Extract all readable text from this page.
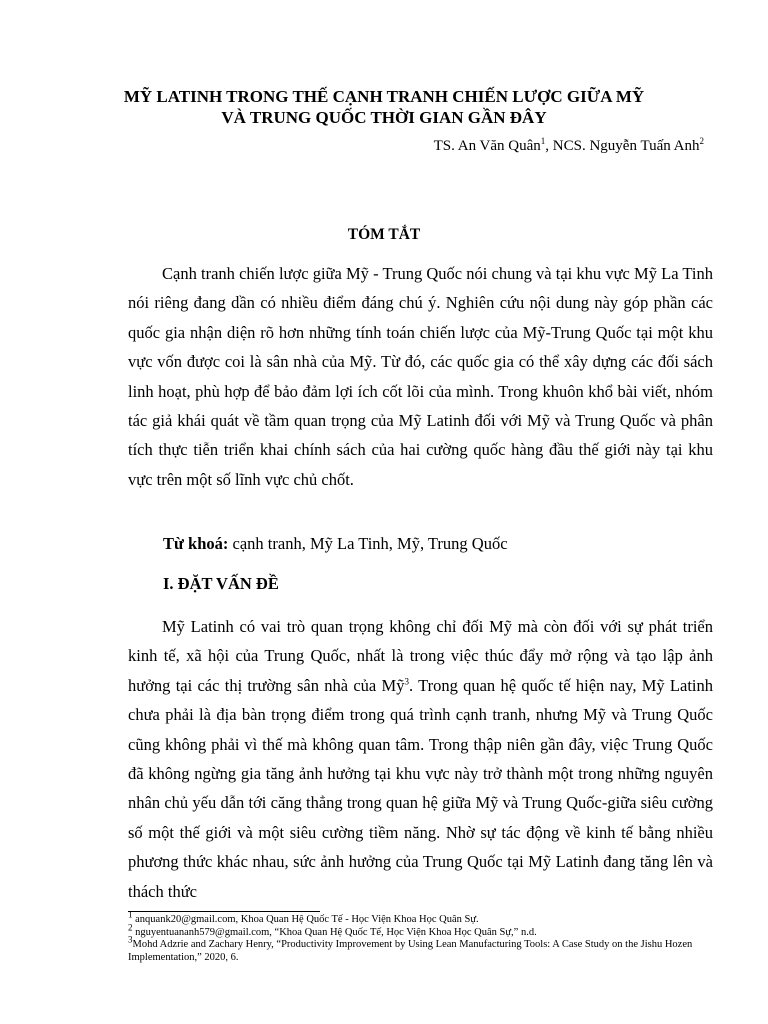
MỸ LATINH TRONG THẾ CẠNH TRANH CHIẾN LƯỢC GIỮA MỸ
VÀ TRUNG QUỐC THỜI GIAN GẦN ĐÂY
TS. An Văn Quân$^1$, NCS. Nguyễn Tuấn Anh$^2$
TÓM TẮT
Cạnh tranh chiến lược giữa Mỹ - Trung Quốc nói chung và tại khu vực Mỹ La Tinh nói riêng đang dần có nhiều điểm đáng chú ý. Nghiên cứu nội dung này góp phần các quốc gia nhận diện rõ hơn những tính toán chiến lược của Mỹ-Trung Quốc tại một khu vực vốn được coi là sân nhà của Mỹ. Từ đó, các quốc gia có thể xây dựng các đối sách linh hoạt, phù hợp để bảo đảm lợi ích cốt lõi của mình. Trong khuôn khổ bài viết, nhóm tác giả khái quát về tầm quan trọng của Mỹ Latinh đối với Mỹ và Trung Quốc và phân tích thực tiễn triển khai chính sách của hai cường quốc hàng đầu thế giới này tại khu vực trên một số lĩnh vực chủ chốt.
Từ khoá: cạnh tranh, Mỹ La Tinh, Mỹ, Trung Quốc
I. ĐẶT VẤN ĐỀ
Mỹ Latinh có vai trò quan trọng không chỉ đối Mỹ mà còn đối với sự phát triển kinh tế, xã hội của Trung Quốc, nhất là trong việc thúc đẩy mở rộng và tạo lập ảnh hưởng tại các thị trường sân nhà của Mỹ$^3$. Trong quan hệ quốc tế hiện nay, Mỹ Latinh chưa phải là địa bàn trọng điểm trong quá trình cạnh tranh, nhưng Mỹ và Trung Quốc cũng không phải vì thế mà không quan tâm. Trong thập niên gần đây, việc Trung Quốc đã không ngừng gia tăng ảnh hưởng tại khu vực này trở thành một trong những nguyên nhân chủ yếu dẫn tới căng thẳng trong quan hệ giữa Mỹ và Trung Quốc-giữa siêu cường số một thế giới và một siêu cường tiềm năng. Nhờ sự tác động về kinh tế bằng nhiều phương thức khác nhau, sức ảnh hưởng của Trung Quốc tại Mỹ Latinh đang tăng lên và thách thức
$^1$ anquank20@gmail.com, Khoa Quan Hệ Quốc Tế - Học Viện Khoa Học Quân Sự.
$^2$ nguyentuananh579@gmail.com, “Khoa Quan Hệ Quốc Tế, Học Viện Khoa Học Quân Sự,” n.d.
$^3$Mohd Adzrie and Zachary Henry, “Productivity Improvement by Using Lean Manufacturing Tools: A Case Study on the Jishu Hozen Implementation,” 2020, 6.
